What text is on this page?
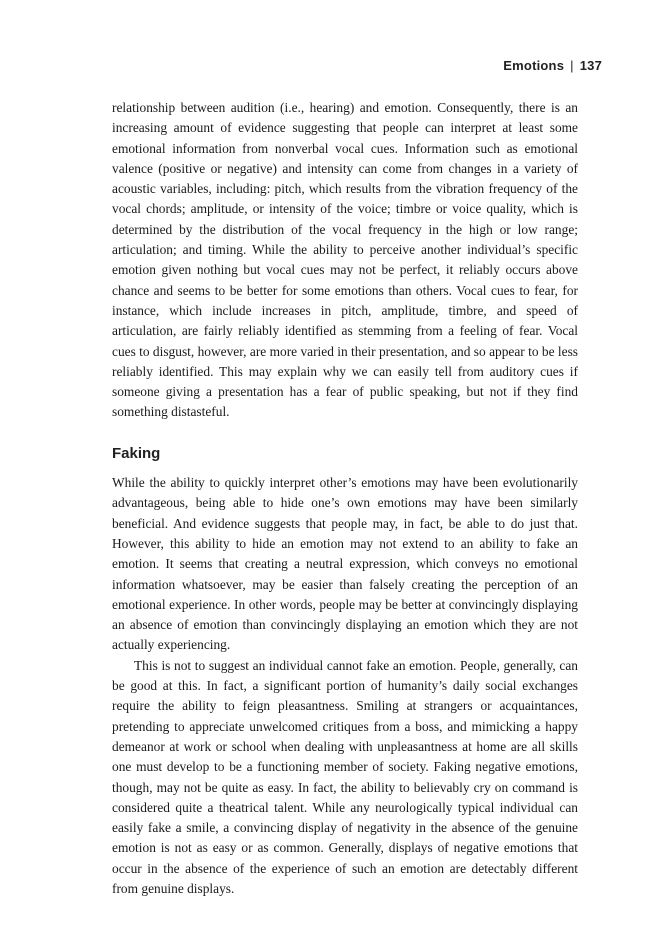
Emotions | 137

relationship between audition (i.e., hearing) and emotion. Consequently, there is an increasing amount of evidence suggesting that people can interpret at least some emotional information from nonverbal vocal cues. Information such as emotional valence (positive or negative) and intensity can come from changes in a variety of acoustic variables, including: pitch, which results from the vibration frequency of the vocal chords; amplitude, or intensity of the voice; timbre or voice quality, which is determined by the distribution of the vocal frequency in the high or low range; articulation; and timing. While the ability to perceive another individual’s specific emotion given nothing but vocal cues may not be perfect, it reliably occurs above chance and seems to be better for some emotions than others. Vocal cues to fear, for instance, which include increases in pitch, amplitude, timbre, and speed of articulation, are fairly reliably identified as stemming from a feeling of fear. Vocal cues to disgust, however, are more varied in their presentation, and so appear to be less reliably identified. This may explain why we can easily tell from auditory cues if someone giving a presentation has a fear of public speaking, but not if they find something distasteful.

Faking

While the ability to quickly interpret other’s emotions may have been evolutionarily advantageous, being able to hide one’s own emotions may have been similarly beneficial. And evidence suggests that people may, in fact, be able to do just that. However, this ability to hide an emotion may not extend to an ability to fake an emotion. It seems that creating a neutral expression, which conveys no emotional information whatsoever, may be easier than falsely creating the perception of an emotional experience. In other words, people may be better at convincingly displaying an absence of emotion than convincingly displaying an emotion which they are not actually experiencing.

This is not to suggest an individual cannot fake an emotion. People, generally, can be good at this. In fact, a significant portion of humanity’s daily social exchanges require the ability to feign pleasantness. Smiling at strangers or acquaintances, pretending to appreciate unwelcomed critiques from a boss, and mimicking a happy demeanor at work or school when dealing with unpleasantness at home are all skills one must develop to be a functioning member of society. Faking negative emotions, though, may not be quite as easy. In fact, the ability to believably cry on command is considered quite a theatrical talent. While any neurologically typical individual can easily fake a smile, a convincing display of negativity in the absence of the genuine emotion is not as easy or as common. Generally, displays of negative emotions that occur in the absence of the experience of such an emotion are detectably different from genuine displays.
